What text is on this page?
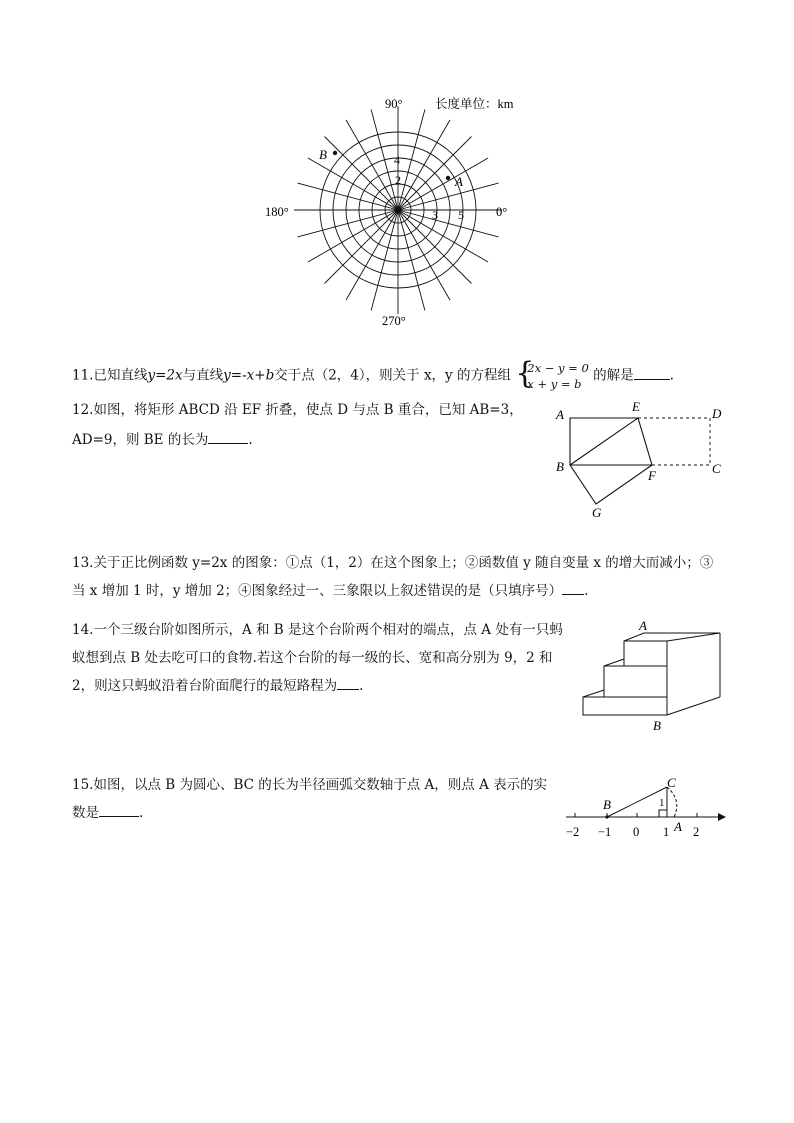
90°	长度单位：km
180°	0°
270°
A
B
2
4
3 5
11.已知直线y=2x与直线y=-x+b交于点（2，4），则关于 x，y 的方程组 {
2x − y = 0
x + y = b
的解是	.
12.如图，将矩形 ABCD 沿 EF 折叠，使点 D 与点 B 重合，已知 AB=3，
AD=9，则 BE 的长为	.
A
E	D
B
F	C
G
13.关于正比例函数 y=2x 的图象：①点（1，2）在这个图象上；②函数值 y 随自变量 x 的增大而减小；③
当 x 增加 1 时，y 增加 2；④图象经过一、三象限以上叙述错误的是（只填序号） .
14.一个三级台阶如图所示，A 和 B 是这个台阶两个相对的端点，点 A 处有一只蚂
蚁想到点 B 处去吃可口的食物.若这个台阶的每一级的长、宽和高分别为 9，2 和
2，则这只蚂蚁沿着台阶面爬行的最短路程为 .
A
B
15.如图，以点 B 为圆心、BC 的长为半径画弧交数轴于点 A，则点 A 表示的实
数是	.
C
B	1
A
−2 −1 0 1 2
